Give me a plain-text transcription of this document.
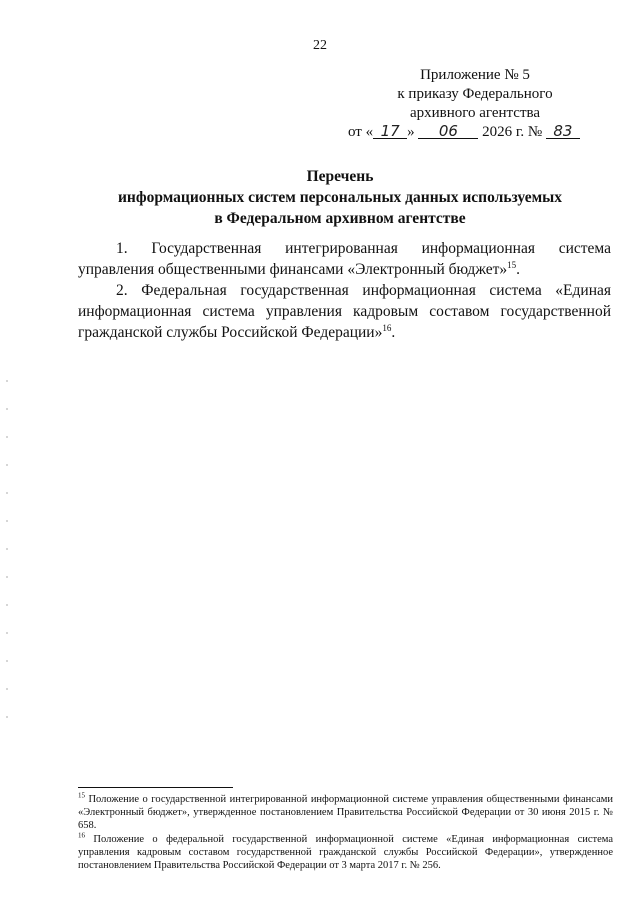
22
Приложение № 5
к приказу Федерального
архивного агентства
от « 17 » 06 2026 г. № 83
Перечень
информационных систем персональных данных используемых
в Федеральном архивном агентстве

1. Государственная интегрированная информационная система управления общественными финансами «Электронный бюджет»$^{15}$.

2. Федеральная государственная информационная система «Единая информационная система управления кадровым составом государственной гражданской службы Российской Федерации»$^{16}$.

$^{15}$ Положение о государственной интегрированной информационной системе управления общественными финансами «Электронный бюджет», утвержденное постановлением Правительства Российской Федерации от 30 июня 2015 г. № 658.

$^{16}$ Положение о федеральной государственной информационной системе «Единая информационная система управления кадровым составом государственной гражданской службы Российской Федерации», утвержденное постановлением Правительства Российской Федерации от 3 марта 2017 г. № 256.
